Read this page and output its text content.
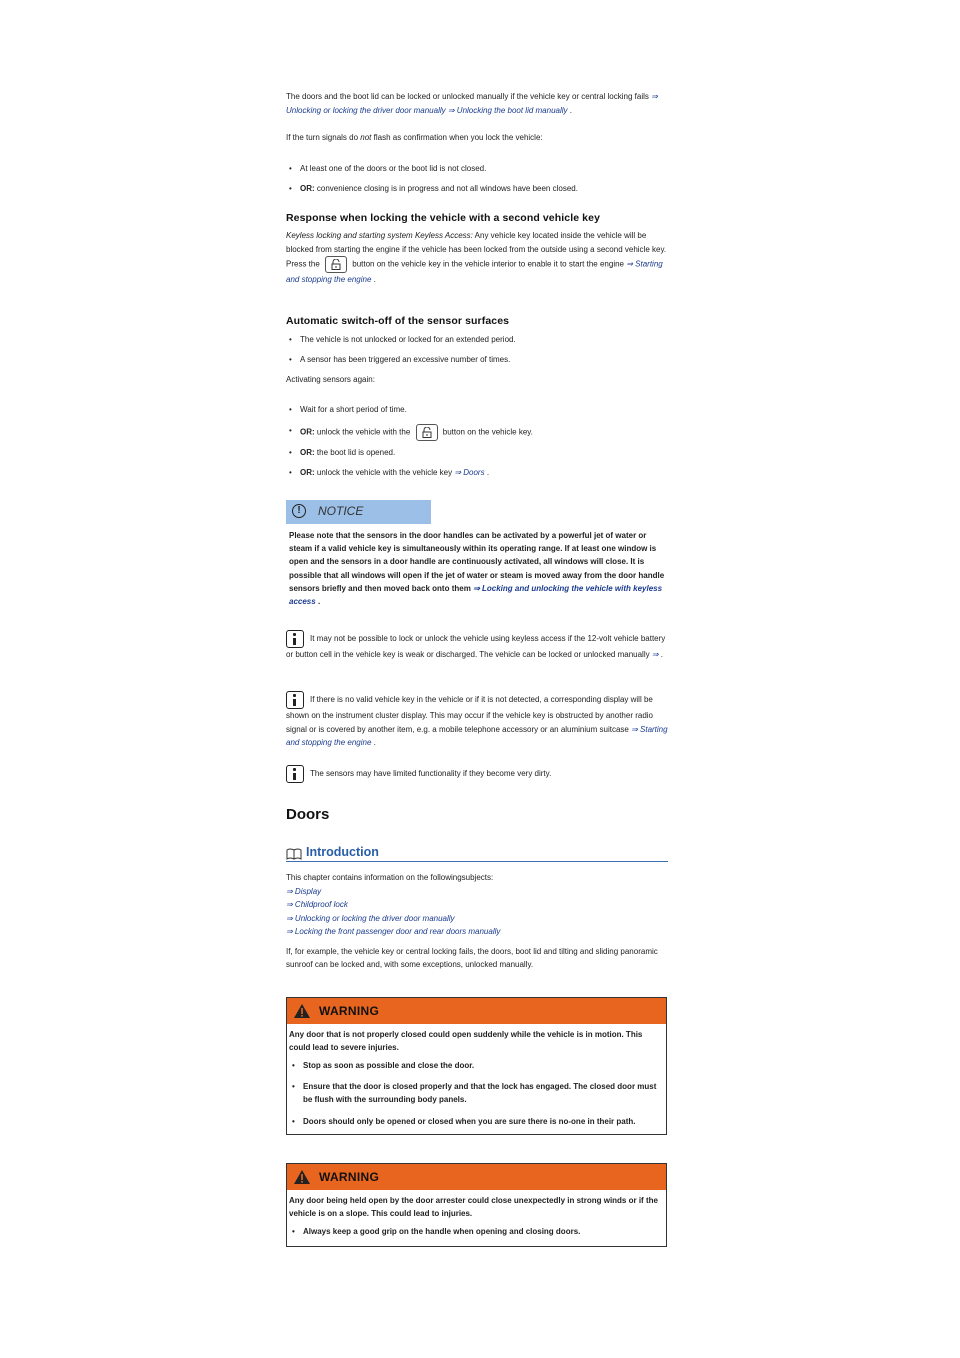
The doors and the boot lid can be locked or unlocked manually if the vehicle key or central locking fails ⇒ Unlocking or locking the driver door manually ⇒ Unlocking the boot lid manually .

If the turn signals do not flash as confirmation when you lock the vehicle:

• At least one of the doors or the boot lid is not closed.

• OR: convenience closing is in progress and not all windows have been closed.

Response when locking the vehicle with a second vehicle key

Keyless locking and starting system Keyless Access: Any vehicle key located inside the vehicle will be blocked from starting the engine if the vehicle has been locked from the outside using a second vehicle key. Press the	button on the vehicle key in the vehicle interior to enable it to start the engine ⇒ Starting and stopping the engine .

Automatic switch-off of the sensor surfaces

• The vehicle is not unlocked or locked for an extended period.

• A sensor has been triggered an excessive number of times.

Activating sensors again:

• Wait for a short period of time.

• OR: unlock the vehicle with the	button on the vehicle key.

• OR: the boot lid is opened.

• OR: unlock the vehicle with the vehicle key ⇒ Doors .

!	NOTICE

Please note that the sensors in the door handles can be activated by a powerful jet of water or steam if a valid vehicle key is simultaneously within its operating range. If at least one window is open and the sensors in a door handle are continuously activated, all windows will close. It is possible that all windows will open if the jet of water or steam is moved away from the door handle sensors briefly and then moved back onto them ⇒ Locking and unlocking the vehicle with keyless access .

It may not be possible to lock or unlock the vehicle using keyless access if the 12-volt vehicle battery or button cell in the vehicle key is weak or discharged. The vehicle can be locked or unlocked manually ⇒ .

If there is no valid vehicle key in the vehicle or if it is not detected, a corresponding display will be shown on the instrument cluster display. This may occur if the vehicle key is obstructed by another radio signal or is covered by another item, e.g. a mobile telephone accessory or an aluminium suitcase ⇒ Starting and stopping the engine .

The sensors may have limited functionality if they become very dirty.

Doors
Introduction

This chapter contains information on the followingsubjects:

⇒ Display

⇒ Childproof lock

⇒ Unlocking or locking the driver door manually

⇒ Locking the front passenger door and rear doors manually

If, for example, the vehicle key or central locking fails, the doors, boot lid and tilting and sliding panoramic sunroof can be locked and, with some exceptions, unlocked manually.

WARNING

Any door that is not properly closed could open suddenly while the vehicle is in motion. This could lead to severe injuries.

• Stop as soon as possible and close the door.

• Ensure that the door is closed properly and that the lock has engaged. The closed door must be flush with the surrounding body panels.

• Doors should only be opened or closed when you are sure there is no-one in their path.

WARNING

Any door being held open by the door arrester could close unexpectedly in strong winds or if the vehicle is on a slope. This could lead to injuries.

• Always keep a good grip on the handle when opening and closing doors.
